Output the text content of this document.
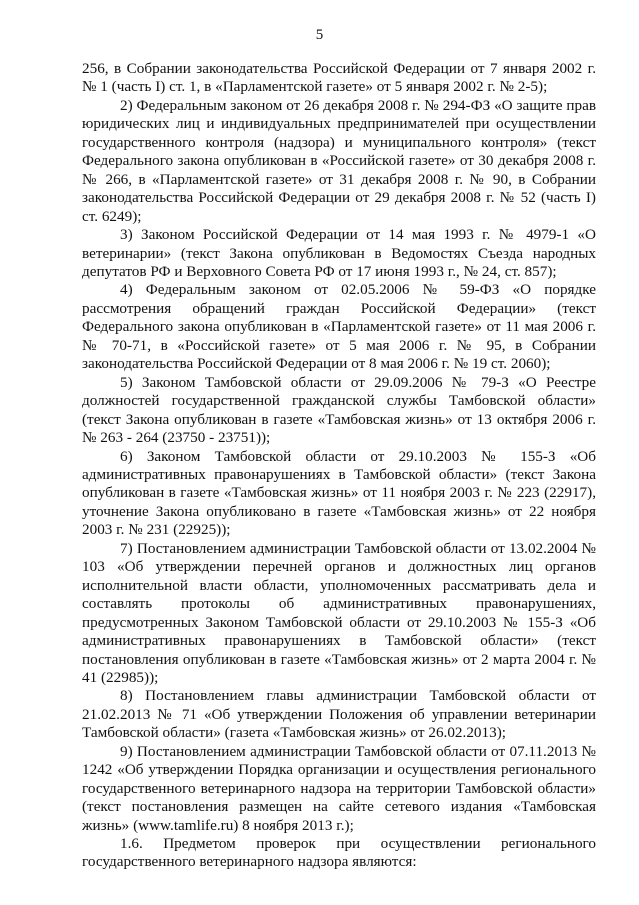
5

256, в Собрании законодательства Российской Федерации от 7 января 2002 г. № 1 (часть I) ст. 1, в «Парламентской газете» от 5 января 2002 г. № 2-5);

2) Федеральным законом от 26 декабря 2008 г. № 294-ФЗ «О защите прав юридических лиц и индивидуальных предпринимателей при осуществлении государственного контроля (надзора) и муниципального контроля» (текст Федерального закона опубликован в «Российской газете» от 30 декабря 2008 г. № 266, в «Парламентской газете» от 31 декабря 2008 г. № 90, в Собрании законодательства Российской Федерации от 29 декабря 2008 г. № 52 (часть I) ст. 6249);

3) Законом Российской Федерации от 14 мая 1993 г. № 4979-1 «О ветеринарии» (текст Закона опубликован в Ведомостях Съезда народных депутатов РФ и Верховного Совета РФ от 17 июня 1993 г., № 24, ст. 857);

4) Федеральным законом от 02.05.2006 № 59-ФЗ «О порядке рассмотрения обращений граждан Российской Федерации» (текст Федерального закона опубликован в «Парламентской газете» от 11 мая 2006 г. № 70-71, в «Российской газете» от 5 мая 2006 г. № 95, в Собрании законодательства Российской Федерации от 8 мая 2006 г. № 19 ст. 2060);

5) Законом Тамбовской области от 29.09.2006 № 79-З «О Реестре должностей государственной гражданской службы Тамбовской области» (текст Закона опубликован в газете «Тамбовская жизнь» от 13 октября 2006 г. № 263 - 264 (23750 - 23751));

6) Законом Тамбовской области от 29.10.2003 № 155-З «Об административных правонарушениях в Тамбовской области» (текст Закона опубликован в газете «Тамбовская жизнь» от 11 ноября 2003 г. № 223 (22917), уточнение Закона опубликовано в газете «Тамбовская жизнь» от 22 ноября 2003 г. № 231 (22925));

7) Постановлением администрации Тамбовской области от 13.02.2004 № 103 «Об утверждении перечней органов и должностных лиц органов исполнительной власти области, уполномоченных рассматривать дела и составлять протоколы об административных правонарушениях, предусмотренных Законом Тамбовской области от 29.10.2003 № 155-З «Об административных правонарушениях в Тамбовской области» (текст постановления опубликован в газете «Тамбовская жизнь» от 2 марта 2004 г. № 41 (22985));

8) Постановлением главы администрации Тамбовской области от 21.02.2013 № 71 «Об утверждении Положения об управлении ветеринарии Тамбовской области» (газета «Тамбовская жизнь» от 26.02.2013);

9) Постановлением администрации Тамбовской области от 07.11.2013 № 1242 «Об утверждении Порядка организации и осуществления регионального государственного ветеринарного надзора на территории Тамбовской области» (текст постановления размещен на сайте сетевого издания «Тамбовская жизнь» (www.tamlife.ru) 8 ноября 2013 г.);

1.6. Предметом проверок при осуществлении регионального государственного ветеринарного надзора являются:
